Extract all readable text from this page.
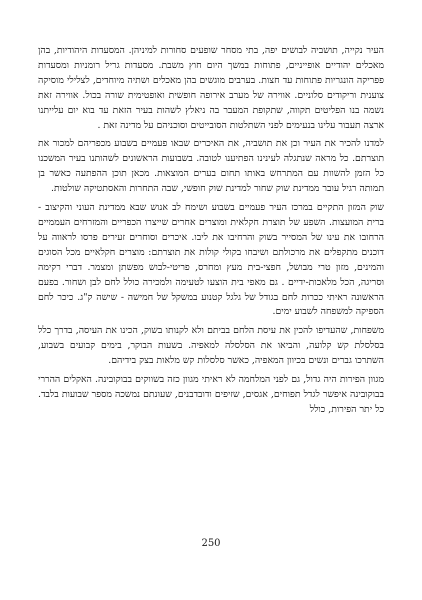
העיר נקייה, תושביה לבושים יפה, בתי מסחר שופעים סחורות למיניהן. המסעדות היהודיות, בהן מאכלים יהודיים אופייניים, פתוחות במשך היום חוץ משבת. מסעדות גריל רומניות ומסעדות פפריקה הונגריות פתוחות עד חצות. בערבים מוגשים בהן מאכלים ושתיה מיוחדים, לצלילי מוסיקה צוענית וריקודים סלוניים. אווירה של מערב אירופה חופשית ואופטימית שורה בכול. אווירה זאת נשמה בנו הפליטים תקווה, שתקופת המעבר בה ניאלץ לשהות בעיר הזאת עד בוא יום עלייתנו ארצה תעבור עלינו בנעימים לפני השתלטות הסובייטים וסוכניהם על מדינה זאת .

למדנו להכיר את העיר וכן את תושביה, את האיכרים שבאו פעמיים בשבוע מכפריהם למכור את תוצרתם. כל מראה שנתגלה לעינינו הפתיענו לטובה. בשבועות הראשונים לשהותנו בעיר המשכנו כל הזמן להשוות עם המתרחש באותו תחום בערים המוצאות. מכאן תוכן ההפתעה כאשר בן תמותה רגיל עובר ממדינת שוק שחור למדינת שוק חופשי, שבה התחרות והאסתטיקה שולטות.

שוק המזון התקיים במרכז העיר פעמיים בשבוע ושימח לב אנוש שבא ממדינת העוני והקיצוב - ברית המועצות. השפע של תוצרת חקלאית ומוצרים אחרים שייצרו הכפריים והמזרחים העממיים הרחובו את עינו של המסייר בשוק והרחיבו את ליבו. איכרים וסוחרים זעירים פרסו לראווה על דוכנים מתקפלים את מרכולתם ושיבחו בקולי קולות את תוצרתם: מוצרים חקלאיים מכל הסוגים והמינים, מזון טרי מבושל, חפצי-בית מעץ ומחרס, פריטי-לבוש מפשתן ומצמר. דברי רקימה וסריגה, הכל מלאכות-ידיים . גם מאפי בית הוצעו לטעימה ולמכירה כולל לחם לבן ושחור. בפעם הראשונה ראיתי ככרות לחם בגודל של גלגל קטנוע במשקל של חמישה - שישה ק"ג. כיכר לחם הספיקה למשפחה לשבוע ימים.

משפחות, שהעדיפו להכין את עיסת הלחם בביתם ולא לקנותו בשוק, הכינו את העיסה, בדרך כלל בסלסלת קש קלועה, והביאו את הסלסלה למאפיה. בשעות הבוקר, בימים קבועים בשבוע, השתרכו גברים ונשים בכיוון המאפיה, כאשר סלסלות קש מלאות בצק בידיהם.

מגוון הפירות היה גדול, גם לפני המלחמה לא ראיתי מגוון כזה בשווקים בבוקובינה. האקלים ההררי בבוקובינה איפשר לגדל תפוחים, אגסים, שזיפים ודובדבנים, שעונתם נמשכה מספר שבועות בלבד. כל יתר הפירות, כולל

250
